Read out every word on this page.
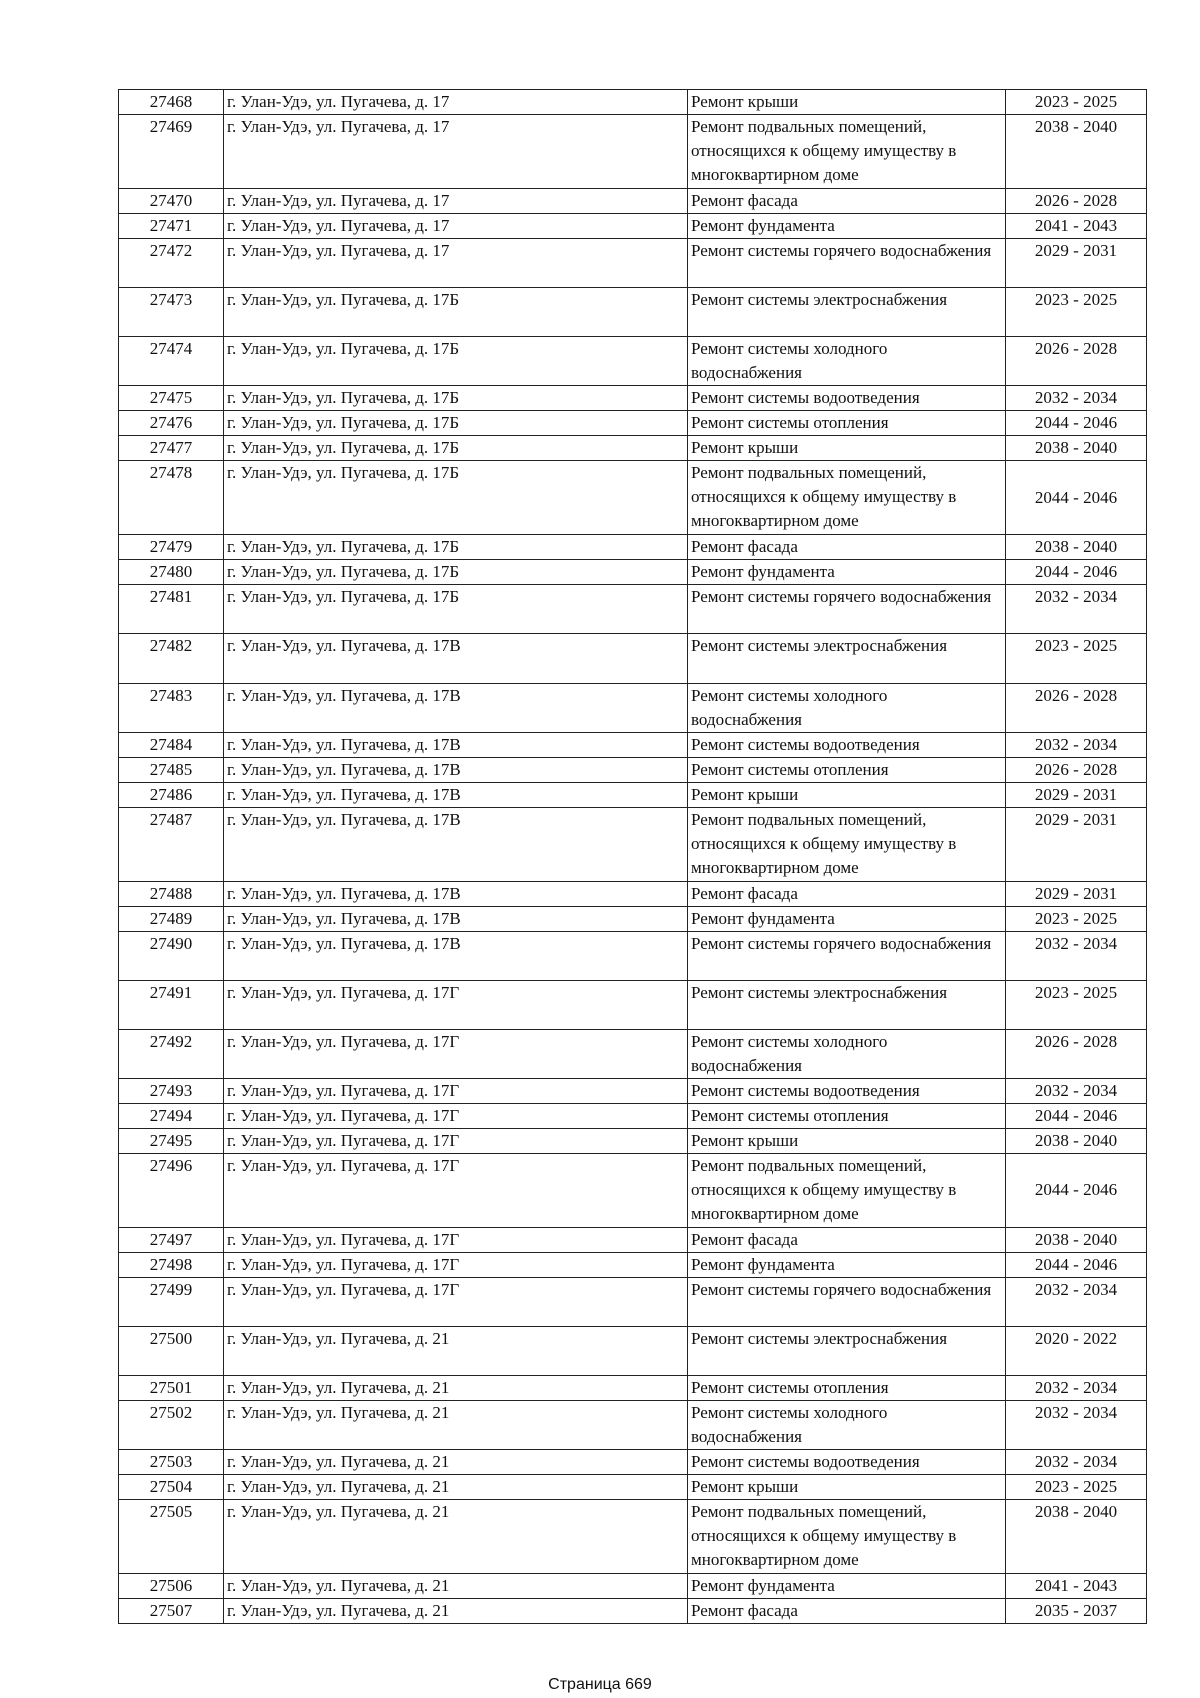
27468	г. Улан-Удэ, ул. Пугачева, д. 17	Ремонт крыши	2023 - 2025
27469	г. Улан-Удэ, ул. Пугачева, д. 17	Ремонт подвальных помещений, относящихся к общему имуществу в многоквартирном доме	2038 - 2040
27470	г. Улан-Удэ, ул. Пугачева, д. 17	Ремонт фасада	2026 - 2028
27471	г. Улан-Удэ, ул. Пугачева, д. 17	Ремонт фундамента	2041 - 2043
27472	г. Улан-Удэ, ул. Пугачева, д. 17	Ремонт системы горячего водоснабжения	2029 - 2031
27473	г. Улан-Удэ, ул. Пугачева, д. 17Б	Ремонт системы электроснабжения	2023 - 2025
27474	г. Улан-Удэ, ул. Пугачева, д. 17Б	Ремонт системы холодного водоснабжения	2026 - 2028
27475	г. Улан-Удэ, ул. Пугачева, д. 17Б	Ремонт системы водоотведения	2032 - 2034
27476	г. Улан-Удэ, ул. Пугачева, д. 17Б	Ремонт системы отопления	2044 - 2046
27477	г. Улан-Удэ, ул. Пугачева, д. 17Б	Ремонт крыши	2038 - 2040
27478	г. Улан-Удэ, ул. Пугачева, д. 17Б	Ремонт подвальных помещений, относящихся к общему имуществу в многоквартирном доме	2044 - 2046
27479	г. Улан-Удэ, ул. Пугачева, д. 17Б	Ремонт фасада	2038 - 2040
27480	г. Улан-Удэ, ул. Пугачева, д. 17Б	Ремонт фундамента	2044 - 2046
27481	г. Улан-Удэ, ул. Пугачева, д. 17Б	Ремонт системы горячего водоснабжения	2032 - 2034
27482	г. Улан-Удэ, ул. Пугачева, д. 17В	Ремонт системы электроснабжения	2023 - 2025
27483	г. Улан-Удэ, ул. Пугачева, д. 17В	Ремонт системы холодного водоснабжения	2026 - 2028
27484	г. Улан-Удэ, ул. Пугачева, д. 17В	Ремонт системы водоотведения	2032 - 2034
27485	г. Улан-Удэ, ул. Пугачева, д. 17В	Ремонт системы отопления	2026 - 2028
27486	г. Улан-Удэ, ул. Пугачева, д. 17В	Ремонт крыши	2029 - 2031
27487	г. Улан-Удэ, ул. Пугачева, д. 17В	Ремонт подвальных помещений, относящихся к общему имуществу в многоквартирном доме	2029 - 2031
27488	г. Улан-Удэ, ул. Пугачева, д. 17В	Ремонт фасада	2029 - 2031
27489	г. Улан-Удэ, ул. Пугачева, д. 17В	Ремонт фундамента	2023 - 2025
27490	г. Улан-Удэ, ул. Пугачева, д. 17В	Ремонт системы горячего водоснабжения	2032 - 2034
27491	г. Улан-Удэ, ул. Пугачева, д. 17Г	Ремонт системы электроснабжения	2023 - 2025
27492	г. Улан-Удэ, ул. Пугачева, д. 17Г	Ремонт системы холодного водоснабжения	2026 - 2028
27493	г. Улан-Удэ, ул. Пугачева, д. 17Г	Ремонт системы водоотведения	2032 - 2034
27494	г. Улан-Удэ, ул. Пугачева, д. 17Г	Ремонт системы отопления	2044 - 2046
27495	г. Улан-Удэ, ул. Пугачева, д. 17Г	Ремонт крыши	2038 - 2040
27496	г. Улан-Удэ, ул. Пугачева, д. 17Г	Ремонт подвальных помещений, относящихся к общему имуществу в многоквартирном доме	2044 - 2046
27497	г. Улан-Удэ, ул. Пугачева, д. 17Г	Ремонт фасада	2038 - 2040
27498	г. Улан-Удэ, ул. Пугачева, д. 17Г	Ремонт фундамента	2044 - 2046
27499	г. Улан-Удэ, ул. Пугачева, д. 17Г	Ремонт системы горячего водоснабжения	2032 - 2034
27500	г. Улан-Удэ, ул. Пугачева, д. 21	Ремонт системы электроснабжения	2020 - 2022
27501	г. Улан-Удэ, ул. Пугачева, д. 21	Ремонт системы отопления	2032 - 2034
27502	г. Улан-Удэ, ул. Пугачева, д. 21	Ремонт системы холодного водоснабжения	2032 - 2034
27503	г. Улан-Удэ, ул. Пугачева, д. 21	Ремонт системы водоотведения	2032 - 2034
27504	г. Улан-Удэ, ул. Пугачева, д. 21	Ремонт крыши	2023 - 2025
27505	г. Улан-Удэ, ул. Пугачева, д. 21	Ремонт подвальных помещений, относящихся к общему имуществу в многоквартирном доме	2038 - 2040
27506	г. Улан-Удэ, ул. Пугачева, д. 21	Ремонт фундамента	2041 - 2043
27507	г. Улан-Удэ, ул. Пугачева, д. 21	Ремонт фасада	2035 - 2037
Страница 669
